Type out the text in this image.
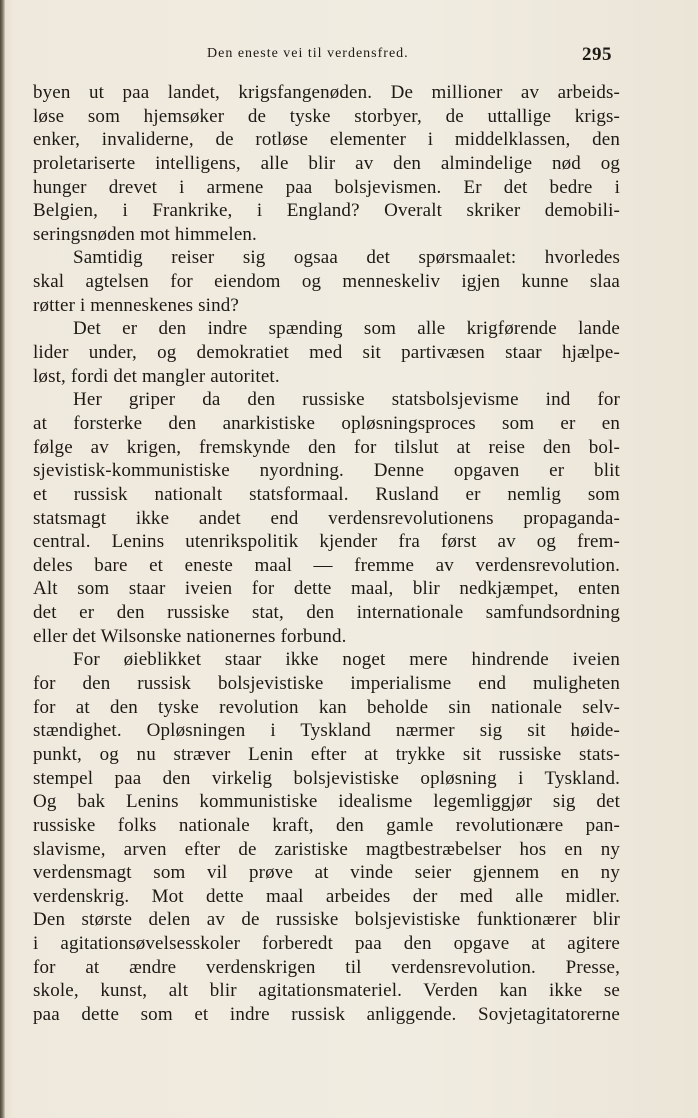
Den eneste vei til verdensfred.	295
byen ut paa landet, krigsfangenøden. De millioner av arbeids-
løse som hjemsøker de tyske storbyer, de uttallige krigs-
enker, invaliderne, de rotløse elementer i middelklassen, den
proletariserte intelligens, alle blir av den almindelige nød og
hunger drevet i armene paa bolsjevismen. Er det bedre i
Belgien, i Frankrike, i England? Overalt skriker demobili-
seringsnøden mot himmelen.
Samtidig reiser sig ogsaa det spørsmaalet: hvorledes
skal agtelsen for eiendom og menneskeliv igjen kunne slaa
røtter i menneskenes sind?
Det er den indre spænding som alle krigførende lande
lider under, og demokratiet med sit partivæsen staar hjælpe-
løst, fordi det mangler autoritet.
Her griper da den russiske statsbolsjevisme ind for
at forsterke den anarkistiske opløsningsproces som er en
følge av krigen, fremskynde den for tilslut at reise den bol-
sjevistisk-kommunistiske nyordning. Denne opgaven er blit
et russisk nationalt statsformaal. Rusland er nemlig som
statsmagt ikke andet end verdensrevolutionens propaganda-
central. Lenins utenrikspolitik kjender fra først av og frem-
deles bare et eneste maal — fremme av verdensrevolution.
Alt som staar iveien for dette maal, blir nedkjæmpet, enten
det er den russiske stat, den internationale samfundsordning
eller det Wilsonske nationernes forbund.
For øieblikket staar ikke noget mere hindrende iveien
for den russisk bolsjevistiske imperialisme end muligheten
for at den tyske revolution kan beholde sin nationale selv-
stændighet. Opløsningen i Tyskland nærmer sig sit høide-
punkt, og nu stræver Lenin efter at trykke sit russiske stats-
stempel paa den virkelig bolsjevistiske opløsning i Tyskland.
Og bak Lenins kommunistiske idealisme legemliggjør sig det
russiske folks nationale kraft, den gamle revolutionære pan-
slavisme, arven efter de zaristiske magtbestræbelser hos en ny
verdensmagt som vil prøve at vinde seier gjennem en ny
verdenskrig. Mot dette maal arbeides der med alle midler.
Den største delen av de russiske bolsjevistiske funktionærer blir
i agitationsøvelsesskoler forberedt paa den opgave at agitere
for at ændre verdenskrigen til verdensrevolution. Presse,
skole, kunst, alt blir agitationsmateriel. Verden kan ikke se
paa dette som et indre russisk anliggende. Sovjetagitatorerne
